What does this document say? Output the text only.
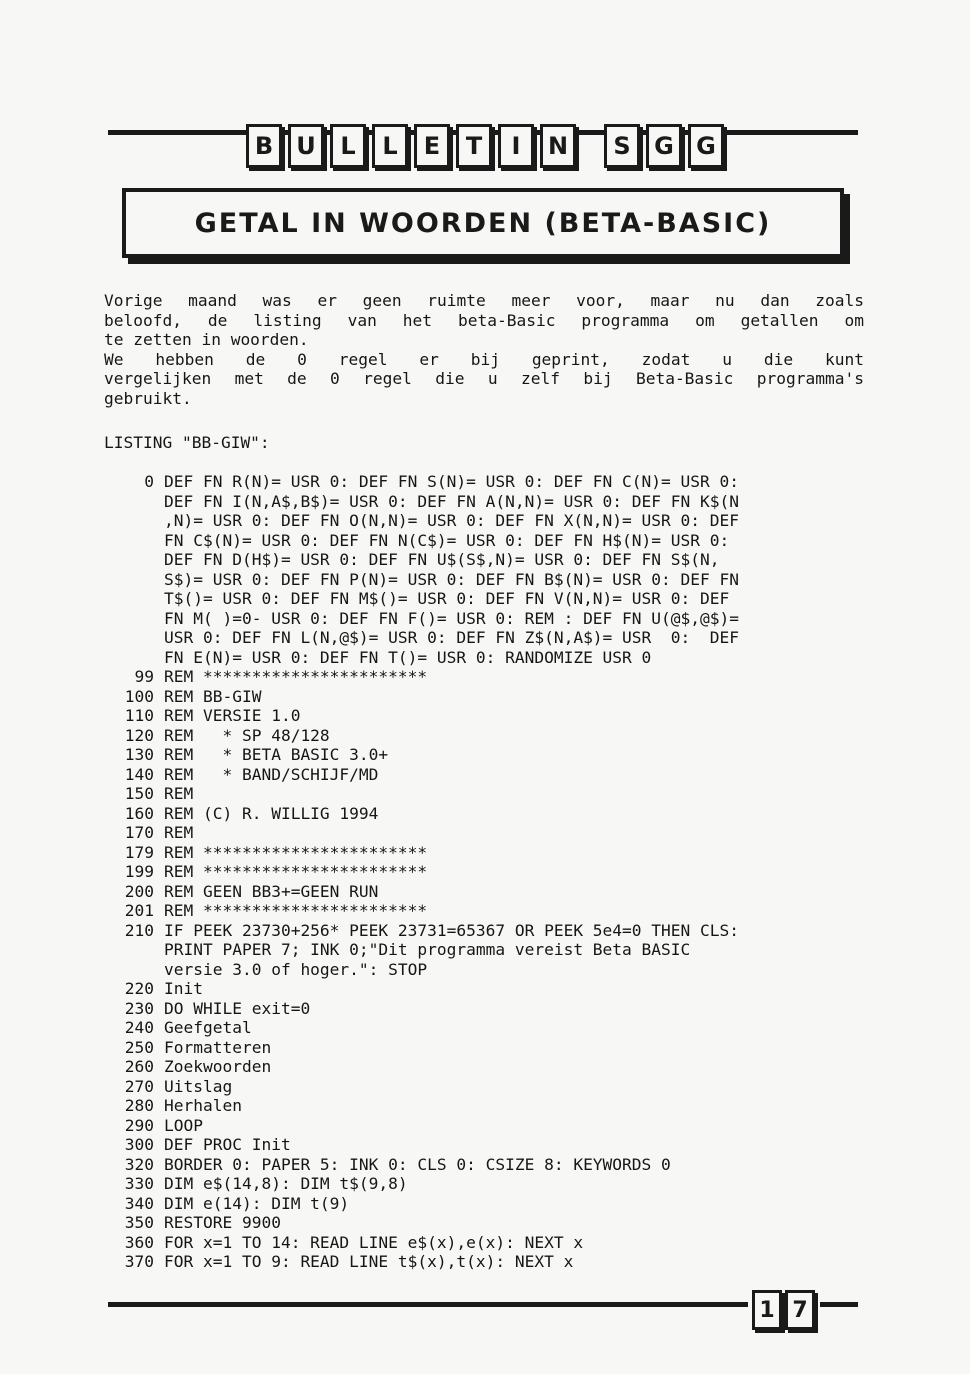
B U	L	L	E	T	I	N	S G G
GETAL IN WOORDEN (BETA-BASIC)
Vorige maand was er geen ruimte meer voor, maar nu dan zoals
beloofd, de listing van het beta-Basic programma om getallen om
te zetten in woorden.
We hebben de 0 regel er bij geprint, zodat u die kunt
vergelijken met de 0 regel die u zelf bij Beta-Basic programma's
gebruikt.
LISTING "BB-GIW":
0 DEF FN R(N)= USR 0: DEF FN S(N)= USR 0: DEF FN C(N)= USR 0:
DEF FN I(N,A$,B$)= USR 0: DEF FN A(N,N)= USR 0: DEF FN K$(N
,N)= USR 0: DEF FN O(N,N)= USR 0: DEF FN X(N,N)= USR 0: DEF
FN C$(N)= USR 0: DEF FN N(C$)= USR 0: DEF FN H$(N)= USR 0:
DEF FN D(H$)= USR 0: DEF FN U$(S$,N)= USR 0: DEF FN S$(N,
S$)= USR 0: DEF FN P(N)= USR 0: DEF FN B$(N)= USR 0: DEF FN
T$()= USR 0: DEF FN M$()= USR 0: DEF FN V(N,N)= USR 0: DEF
FN M( )=0- USR 0: DEF FN F()= USR 0: REM : DEF FN U(@$,@$)=
USR 0: DEF FN L(N,@$)= USR 0: DEF FN Z$(N,A$)= USR  0:  DEF
FN E(N)= USR 0: DEF FN T()= USR 0: RANDOMIZE USR 0
99 REM ***********************
100 REM BB-GIW
110 REM VERSIE 1.0
120 REM   * SP 48/128
130 REM   * BETA BASIC 3.0+
140 REM   * BAND/SCHIJF/MD
150 REM
160 REM (C) R. WILLIG 1994
170 REM
179 REM ***********************
199 REM ***********************
200 REM GEEN BB3+=GEEN RUN
201 REM ***********************
210 IF PEEK 23730+256* PEEK 23731=65367 OR PEEK 5e4=0 THEN CLS:
PRINT PAPER 7; INK 0;"Dit programma vereist Beta BASIC
versie 3.0 of hoger.": STOP
220 Init
230 DO WHILE exit=0
240 Geefgetal
250 Formatteren
260 Zoekwoorden
270 Uitslag
280 Herhalen
290 LOOP
300 DEF PROC Init
320 BORDER 0: PAPER 5: INK 0: CLS 0: CSIZE 8: KEYWORDS 0
330 DIM e$(14,8): DIM t$(9,8)
340 DIM e(14): DIM t(9)
350 RESTORE 9900
360 FOR x=1 TO 14: READ LINE e$(x),e(x): NEXT x
370 FOR x=1 TO 9: READ LINE t$(x),t(x): NEXT x
1 7
